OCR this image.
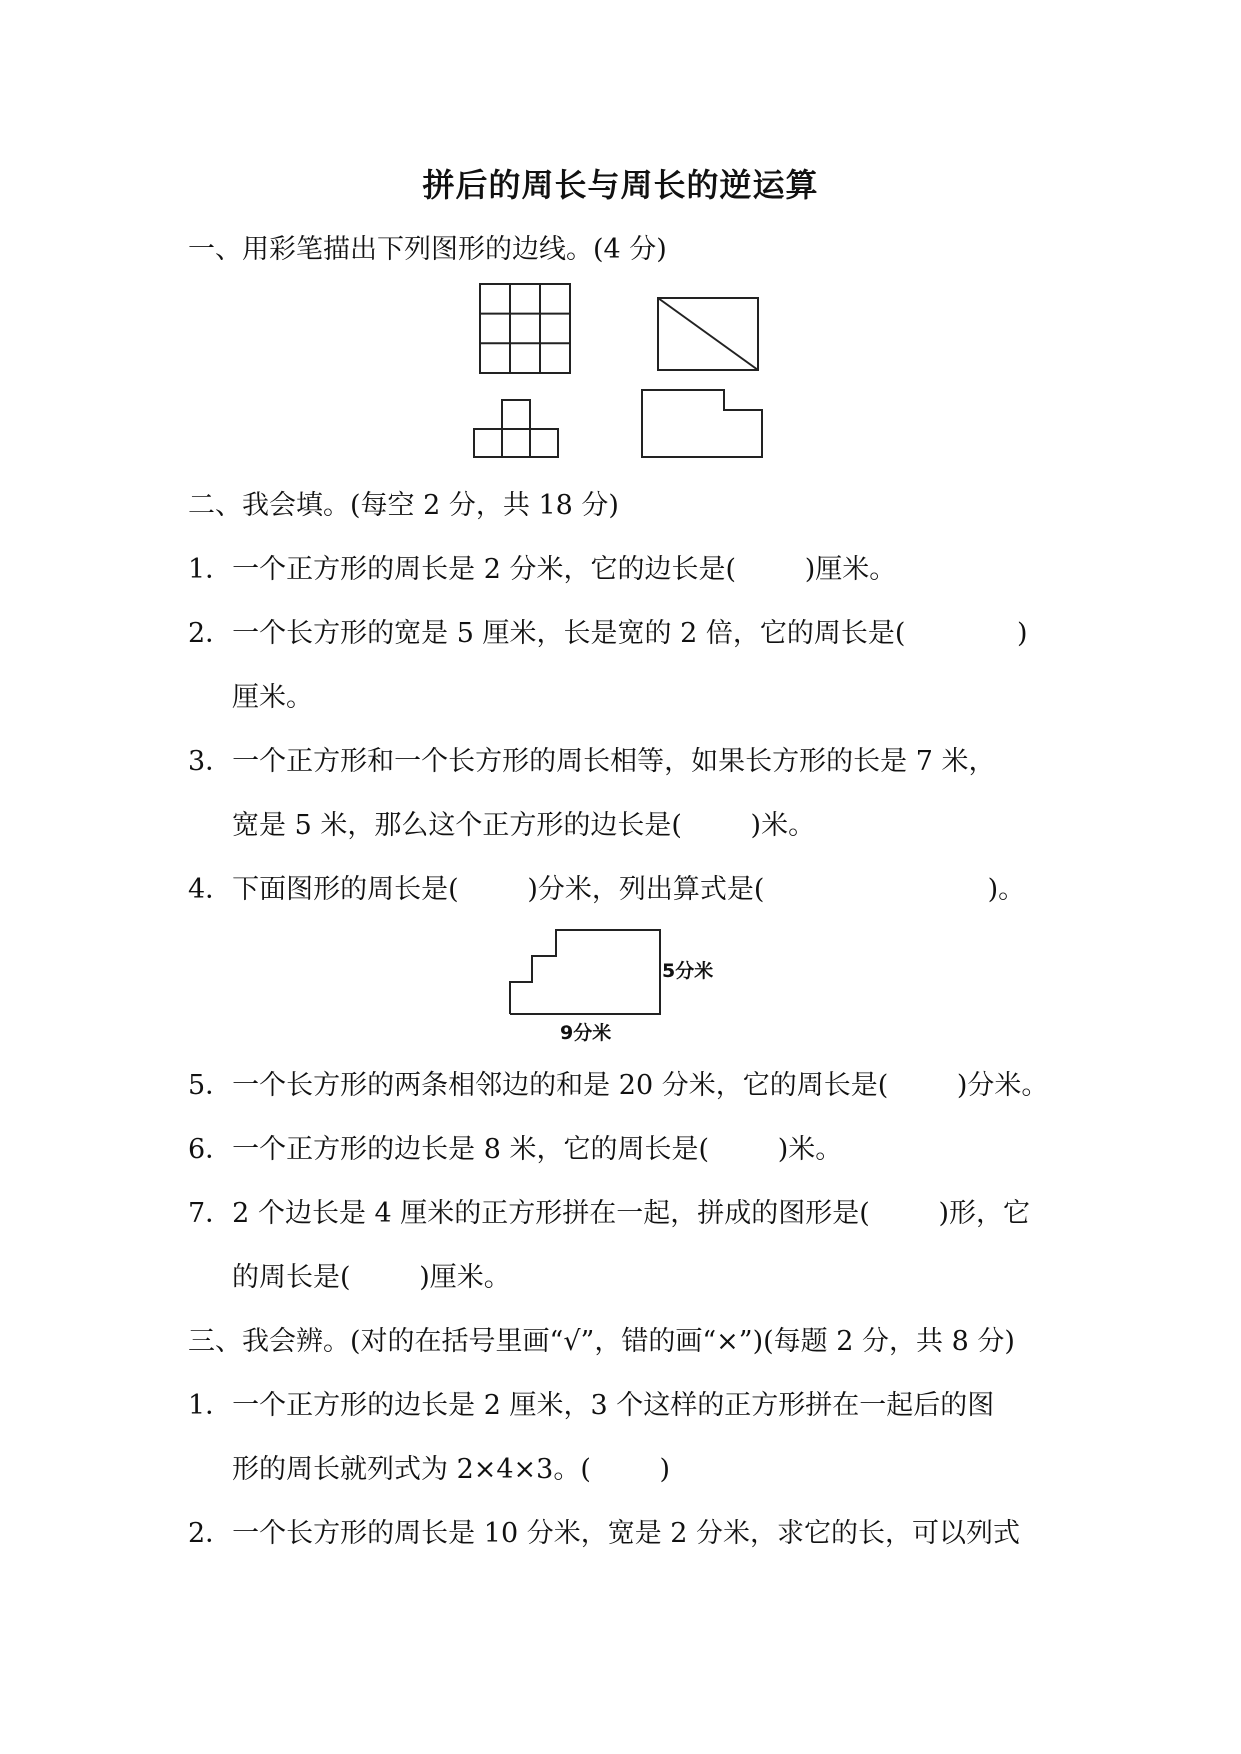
拼后的周长与周长的逆运算
一、用彩笔描出下列图形的边线。(4 分)
二、我会填。(每空 2 分，共 18 分)
1．一个正方形的周长是 2 分米，它的边长是(        )厘米。
2．一个长方形的宽是 5 厘米，长是宽的 2 倍，它的周长是(             )
厘米。
3．一个正方形和一个长方形的周长相等，如果长方形的长是 7 米，
宽是 5 米，那么这个正方形的边长是(        )米。
4．下面图形的周长是(        )分米，列出算式是(                          )。
5分米
9分米
5．一个长方形的两条相邻边的和是 20 分米，它的周长是(        )分米。
6．一个正方形的边长是 8 米，它的周长是(        )米。
7．2 个边长是 4 厘米的正方形拼在一起，拼成的图形是(        )形，它
的周长是(        )厘米。
三、我会辨。(对的在括号里画“√”，错的画“×”)(每题 2 分，共 8 分)
1．一个正方形的边长是 2 厘米，3 个这样的正方形拼在一起后的图
形的周长就列式为 2×4×3。(        )
2．一个长方形的周长是 10 分米，宽是 2 分米，求它的长，可以列式
